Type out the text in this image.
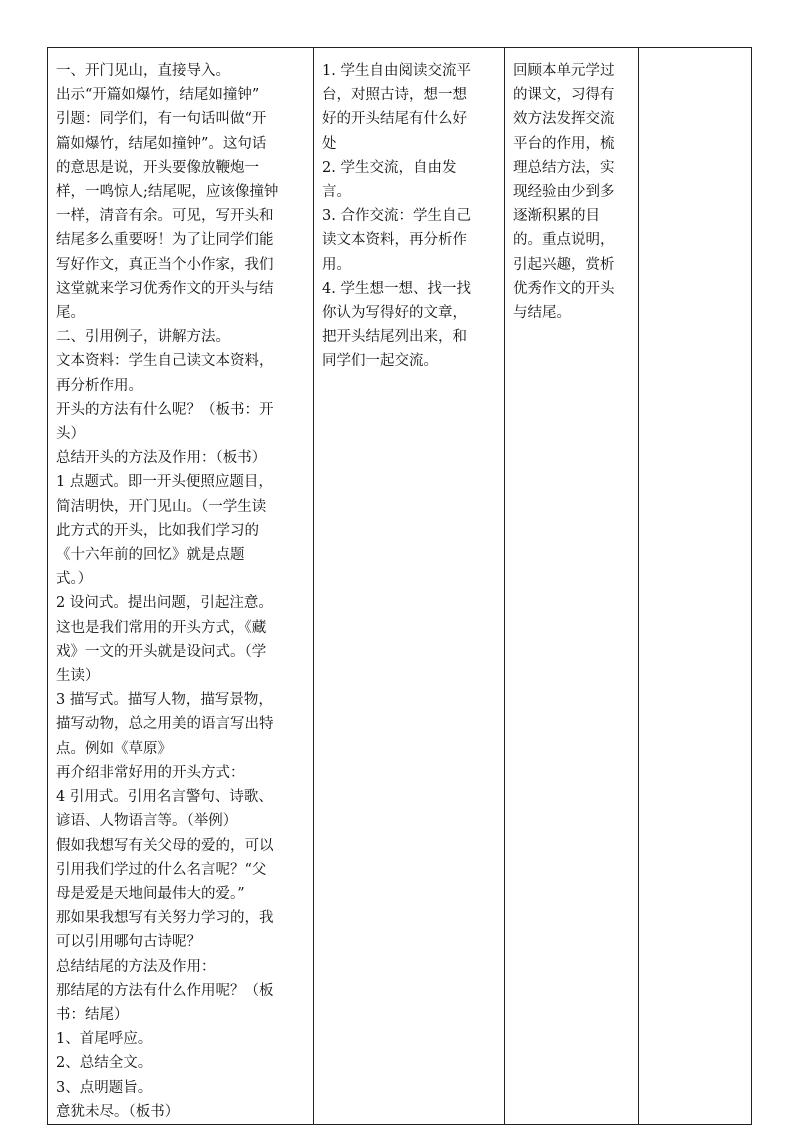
一、开门见山，直接导入。
出示“开篇如爆竹，结尾如撞钟”
引题：同学们，有一句话叫做“开
篇如爆竹，结尾如撞钟”。这句话
的意思是说，开头要像放鞭炮一
样，一鸣惊人;结尾呢，应该像撞钟
一样，清音有余。可见，写开头和
结尾多么重要呀！为了让同学们能
写好作文，真正当个小作家，我们
这堂就来学习优秀作文的开头与结
尾。
二、引用例子，讲解方法。
文本资料：学生自己读文本资料，
再分析作用。
开头的方法有什么呢？（板书：开
头）
总结开头的方法及作用：（板书）
1 点题式。即一开头便照应题目，
简洁明快，开门见山。（一学生读
此方式的开头，比如我们学习的
《十六年前的回忆》就是点题
式。）
2 设问式。提出问题，引起注意。
这也是我们常用的开头方式，《藏
戏》一文的开头就是设问式。（学
生读）
3 描写式。描写人物，描写景物，
描写动物，总之用美的语言写出特
点。例如《草原》
再介绍非常好用的开头方式：
4 引用式。引用名言警句、诗歌、
谚语、人物语言等。（举例）
假如我想写有关父母的爱的，可以
引用我们学过的什么名言呢？“父
母是爱是天地间最伟大的爱。”
那如果我想写有关努力学习的，我
可以引用哪句古诗呢？
总结结尾的方法及作用：
那结尾的方法有什么作用呢？（板
书：结尾）
1、首尾呼应。
2、总结全文。
3、点明题旨。
意犹未尽。（板书）

1. 学生自由阅读交流平
台，对照古诗，想一想
好的开头结尾有什么好
处
2. 学生交流，自由发
言。
3. 合作交流：学生自己
读文本资料，再分析作
用。
4. 学生想一想、找一找
你认为写得好的文章，
把开头结尾列出来，和
同学们一起交流。

回顾本单元学过
的课文，习得有
效方法发挥交流
平台的作用，梳
理总结方法，实
现经验由少到多
逐渐积累的目
的。重点说明，
引起兴趣，赏析
优秀作文的开头
与结尾。
